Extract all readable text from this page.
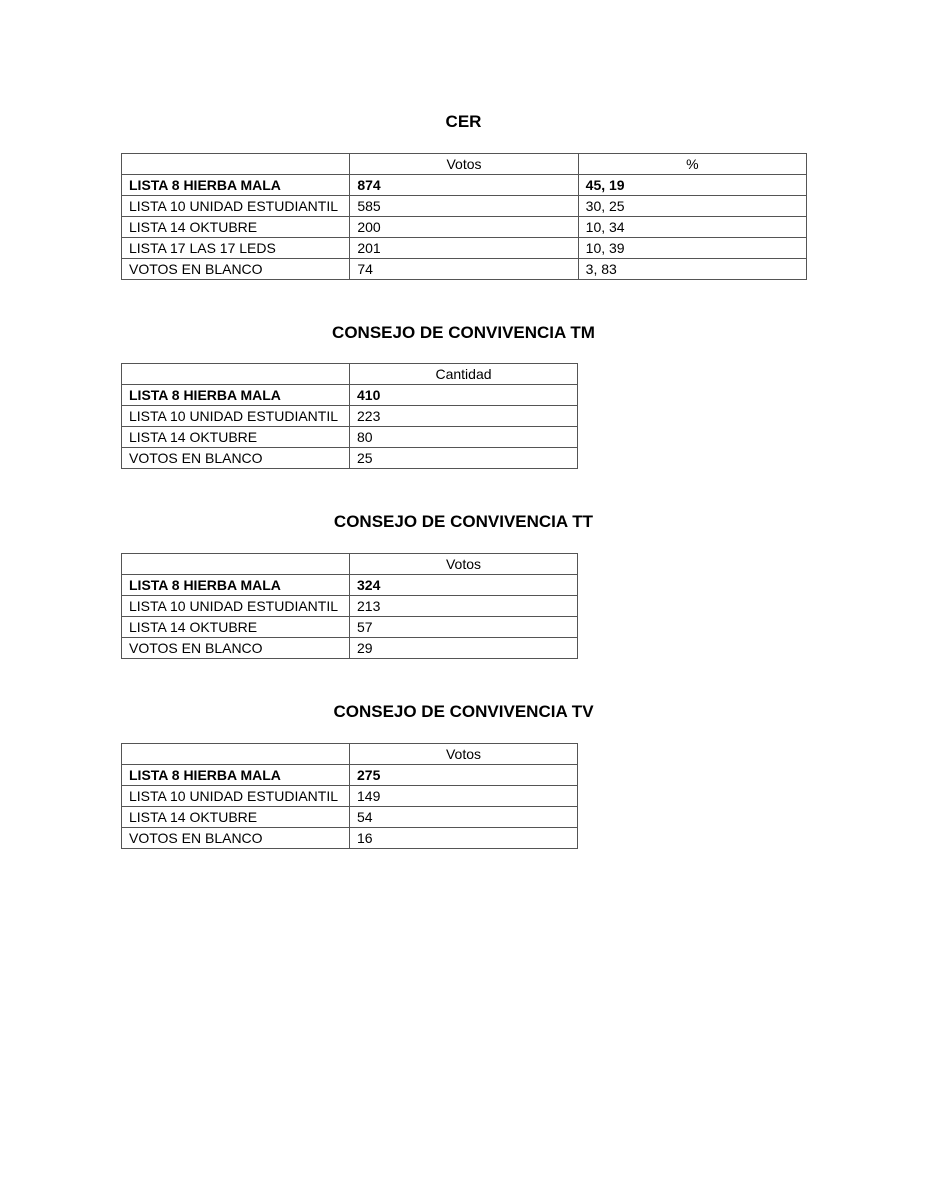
CER
	Votos	%
LISTA 8 HIERBA MALA	874	45, 19
LISTA 10 UNIDAD ESTUDIANTIL	585	30, 25
LISTA 14 OKTUBRE	200	10, 34
LISTA 17 LAS 17 LEDS	201	10, 39
VOTOS EN BLANCO	74	3, 83
CONSEJO DE CONVIVENCIA TM
	Cantidad
LISTA 8 HIERBA MALA	410
LISTA 10 UNIDAD ESTUDIANTIL	223
LISTA 14 OKTUBRE	80
VOTOS EN BLANCO	25
CONSEJO DE CONVIVENCIA TT
	Votos
LISTA 8 HIERBA MALA	324
LISTA 10 UNIDAD ESTUDIANTIL	213
LISTA 14 OKTUBRE	57
VOTOS EN BLANCO	29
CONSEJO DE CONVIVENCIA TV
	Votos
LISTA 8 HIERBA MALA	275
LISTA 10 UNIDAD ESTUDIANTIL	149
LISTA 14 OKTUBRE	54
VOTOS EN BLANCO	16
